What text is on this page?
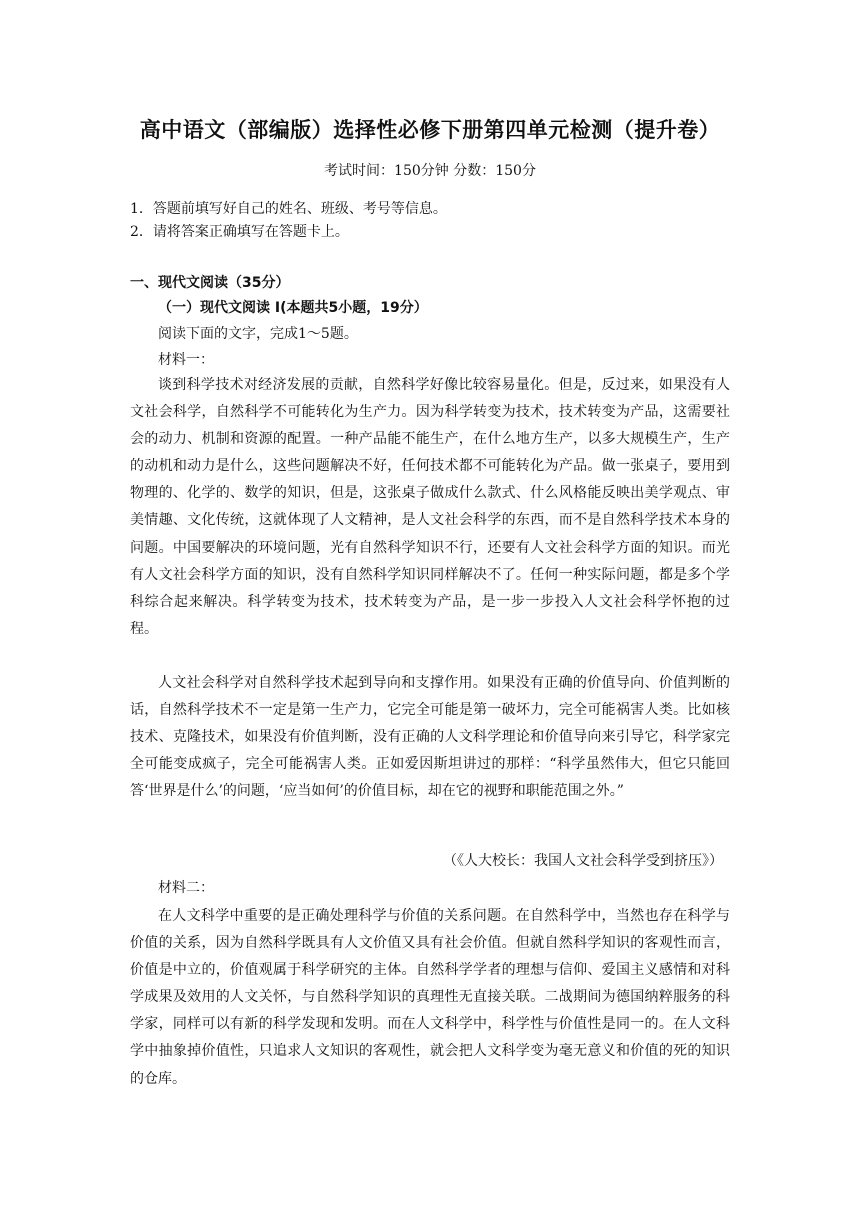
高中语文（部编版）选择性必修下册第四单元检测（提升卷）
考试时间：150分钟 分数：150分
1．答题前填写好自己的姓名、班级、考号等信息。
2．请将答案正确填写在答题卡上。
一、现代文阅读（35分）
（一）现代文阅读 I(本题共5小题，19分）
阅读下面的文字，完成1～5题。
材料一：

谈到科学技术对经济发展的贡献，自然科学好像比较容易量化。但是，反过来，如果没有人文社会科学，自然科学不可能转化为生产力。因为科学转变为技术，技术转变为产品，这需要社会的动力、机制和资源的配置。一种产品能不能生产，在什么地方生产，以多大规模生产，生产的动机和动力是什么，这些问题解决不好，任何技术都不可能转化为产品。做一张桌子，要用到物理的、化学的、数学的知识，但是，这张桌子做成什么款式、什么风格能反映出美学观点、审美情趣、文化传统，这就体现了人文精神，是人文社会科学的东西，而不是自然科学技术本身的问题。中国要解决的环境问题，光有自然科学知识不行，还要有人文社会科学方面的知识。而光有人文社会科学方面的知识，没有自然科学知识同样解决不了。任何一种实际问题，都是多个学科综合起来解决。科学转变为技术，技术转变为产品，是一步一步投入人文社会科学怀抱的过程。

人文社会科学对自然科学技术起到导向和支撑作用。如果没有正确的价值导向、价值判断的话，自然科学技术不一定是第一生产力，它完全可能是第一破坏力，完全可能祸害人类。比如核技术、克隆技术，如果没有价值判断，没有正确的人文科学理论和价值导向来引导它，科学家完全可能变成疯子，完全可能祸害人类。正如爱因斯坦讲过的那样：“科学虽然伟大，但它只能回答‘世界是什么’的问题，‘应当如何’的价值目标，却在它的视野和职能范围之外。”

（《人大校长：我国人文社会科学受到挤压》）
材料二：

在人文科学中重要的是正确处理科学与价值的关系问题。在自然科学中，当然也存在科学与价值的关系，因为自然科学既具有人文价值又具有社会价值。但就自然科学知识的客观性而言，价值是中立的，价值观属于科学研究的主体。自然科学学者的理想与信仰、爱国主义感情和对科学成果及效用的人文关怀，与自然科学知识的真理性无直接关联。二战期间为德国纳粹服务的科学家，同样可以有新的科学发现和发明。而在人文科学中，科学性与价值性是同一的。在人文科学中抽象掉价值性，只追求人文知识的客观性，就会把人文科学变为毫无意义和价值的死的知识的仓库。
